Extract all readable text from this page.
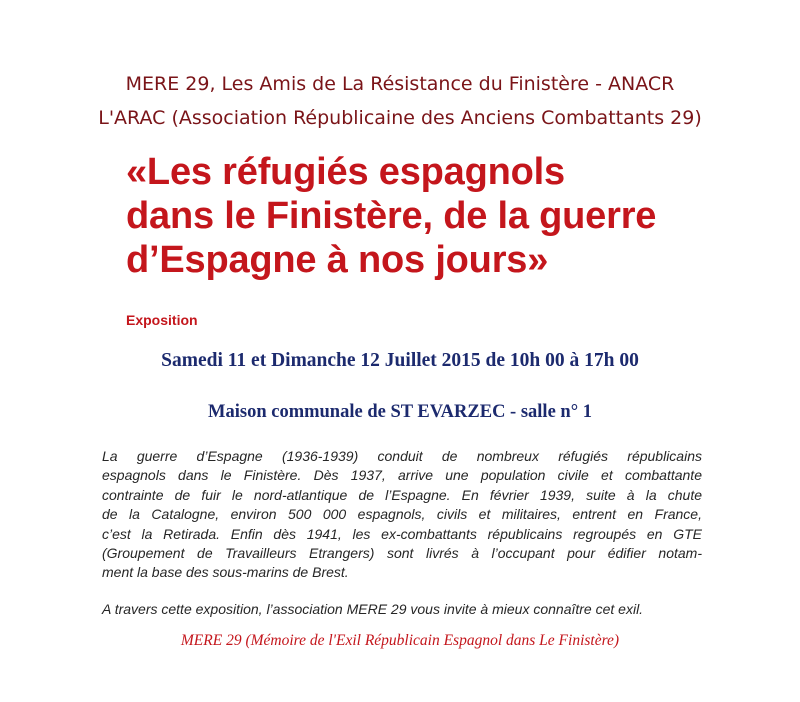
MERE 29, Les Amis de La Résistance du Finistère - ANACR
L'ARAC (Association Républicaine des Anciens Combattants 29)
«Les réfugiés espagnols
dans le Finistère, de la guerre
d’Espagne à nos jours»
Exposition
Samedi 11 et Dimanche 12 Juillet 2015 de 10h 00 à 17h 00
Maison communale de ST EVARZEC - salle n° 1

La guerre d’Espagne (1936-1939) conduit de nombreux réfugiés républicains
espagnols dans le Finistère. Dès 1937, arrive une population civile et combattante
contrainte de fuir le nord-atlantique de l’Espagne. En février 1939, suite à la chute
de la Catalogne, environ 500 000 espagnols, civils et militaires, entrent en France,
c’est la Retirada. Enfin dès 1941, les ex-combattants républicains regroupés en GTE
(Groupement de Travailleurs Etrangers) sont livrés à l’occupant pour édifier notam-
ment la base des sous-marins de Brest.

A travers cette exposition, l’association MERE 29 vous invite à mieux connaître cet exil.
MERE 29 (Mémoire de l'Exil Républicain Espagnol dans Le Finistère)
